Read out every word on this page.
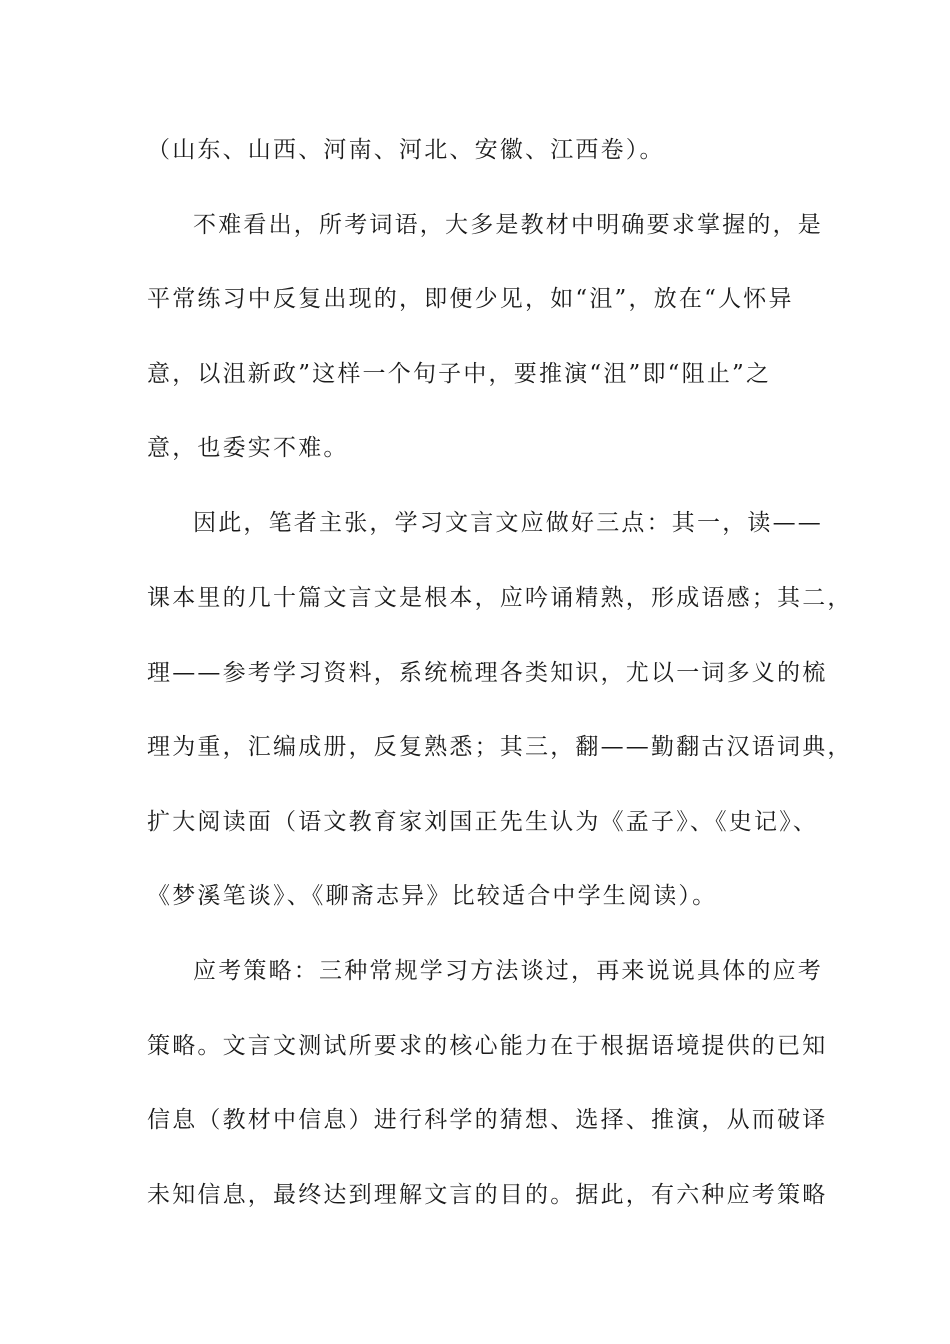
（山东、山西、河南、河北、安徽、江西卷）。
不难看出，所考词语，大多是教材中明确要求掌握的，是
平常练习中反复出现的，即便少见，如“沮”，放在“人怀异
意，以沮新政”这样一个句子中，要推演“沮”即“阻止”之
意，也委实不难。
因此，笔者主张，学习文言文应做好三点：其一，读——
课本里的几十篇文言文是根本，应吟诵精熟，形成语感；其二，
理——参考学习资料，系统梳理各类知识，尤以一词多义的梳
理为重，汇编成册，反复熟悉；其三，翻——勤翻古汉语词典，
扩大阅读面（语文教育家刘国正先生认为《孟子》、《史记》、
《梦溪笔谈》、《聊斋志异》比较适合中学生阅读）。
应考策略：三种常规学习方法谈过，再来说说具体的应考
策略。文言文测试所要求的核心能力在于根据语境提供的已知
信息（教材中信息）进行科学的猜想、选择、推演，从而破译
未知信息，最终达到理解文言的目的。据此，有六种应考策略
